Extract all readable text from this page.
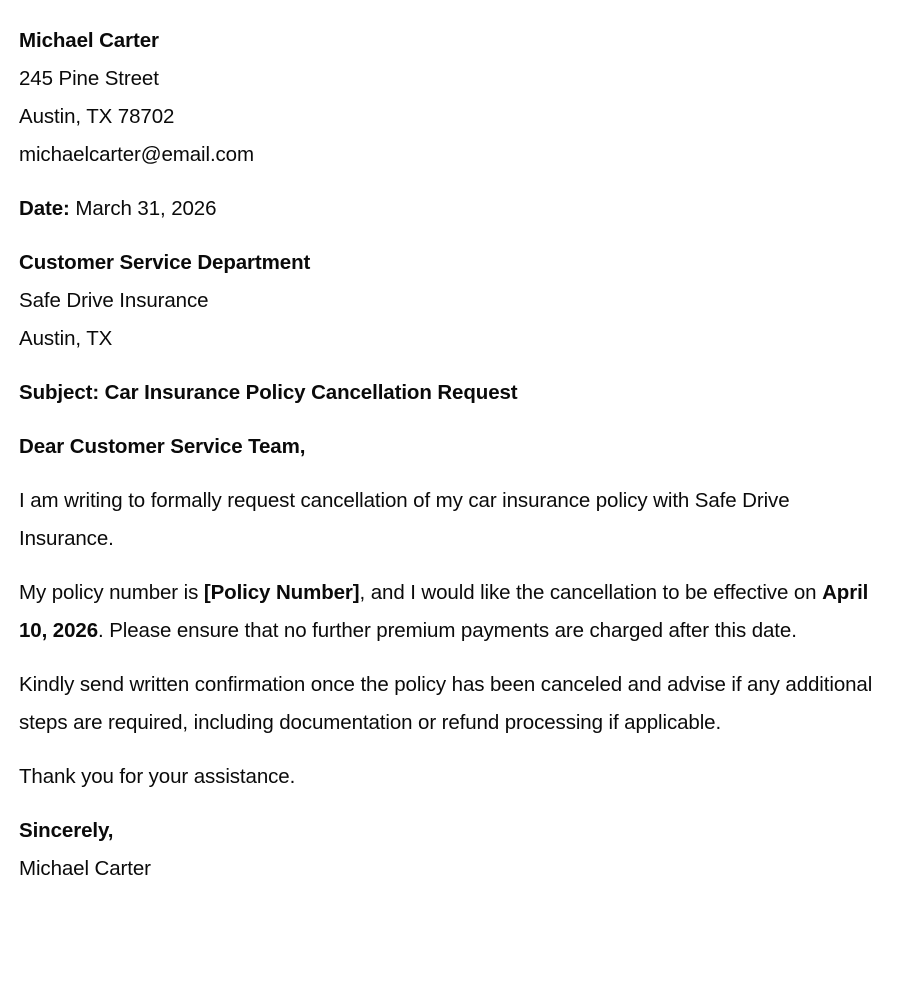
Michael Carter
245 Pine Street
Austin, TX 78702
michaelcarter@email.com
Date: March 31, 2026
Customer Service Department
Safe Drive Insurance
Austin, TX
Subject: Car Insurance Policy Cancellation Request
Dear Customer Service Team,

I am writing to formally request cancellation of my car insurance policy with Safe Drive Insurance.

My policy number is [Policy Number], and I would like the cancellation to be effective on April 10, 2026. Please ensure that no further premium payments are charged after this date.

Kindly send written confirmation once the policy has been canceled and advise if any additional steps are required, including documentation or refund processing if applicable.

Thank you for your assistance.

Sincerely,
Michael Carter
